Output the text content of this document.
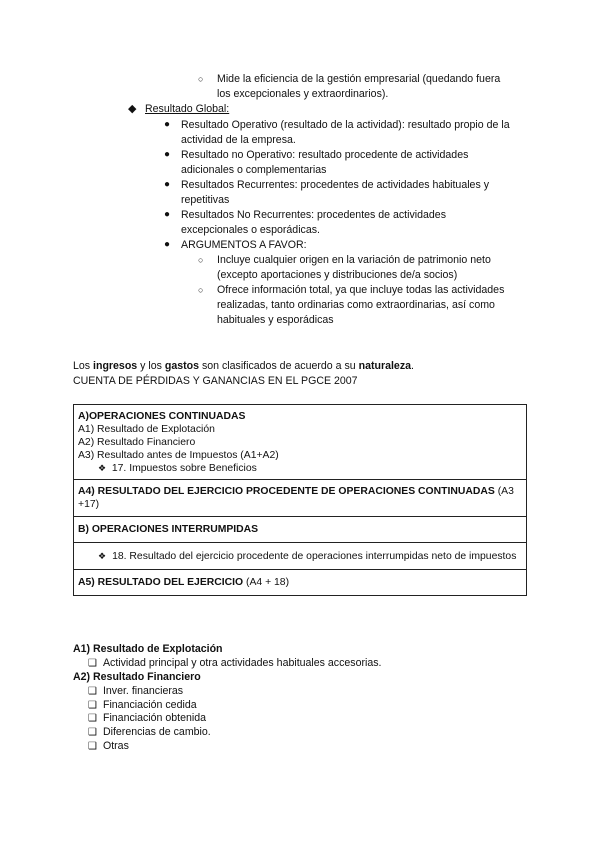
○ Mide la eficiencia de la gestión empresarial (quedando fuera
los excepcionales y extraordinarios).
◆ Resultado Global:
● Resultado Operativo (resultado de la actividad): resultado propio de la
actividad de la empresa.
● Resultado no Operativo: resultado procedente de actividades
adicionales o complementarias
● Resultados Recurrentes: procedentes de actividades habituales y
repetitivas
● Resultados No Recurrentes: procedentes de actividades
excepcionales o esporádicas.
● ARGUMENTOS A FAVOR:
○ Incluye cualquier origen en la variación de patrimonio neto
(excepto aportaciones y distribuciones de/a socios)
○ Ofrece información total, ya que incluye todas las actividades
realizadas, tanto ordinarias como extraordinarias, así como
habituales y esporádicas
Los ingresos y los gastos son clasificados de acuerdo a su naturaleza.
CUENTA DE PÉRDIDAS Y GANANCIAS EN EL PGCE 2007
A)OPERACIONES CONTINUADAS
A1) Resultado de Explotación
A2) Resultado Financiero
A3) Resultado antes de Impuestos (A1+A2)
❖ 17. Impuestos sobre Beneficios

A4) RESULTADO DEL EJERCICIO PROCEDENTE DE OPERACIONES CONTINUADAS (A3 +17)
B) OPERACIONES INTERRUMPIDAS

❖ 18. Resultado del ejercicio procedente de operaciones interrumpidas neto de impuestos

A5) RESULTADO DEL EJERCICIO (A4 + 18)
A1) Resultado de Explotación
❑ Actividad principal y otra actividades habituales accesorias.
A2) Resultado Financiero
❑ Inver. financieras
❑ Financiación cedida
❑ Financiación obtenida
❑ Diferencias de cambio.
❑ Otras
